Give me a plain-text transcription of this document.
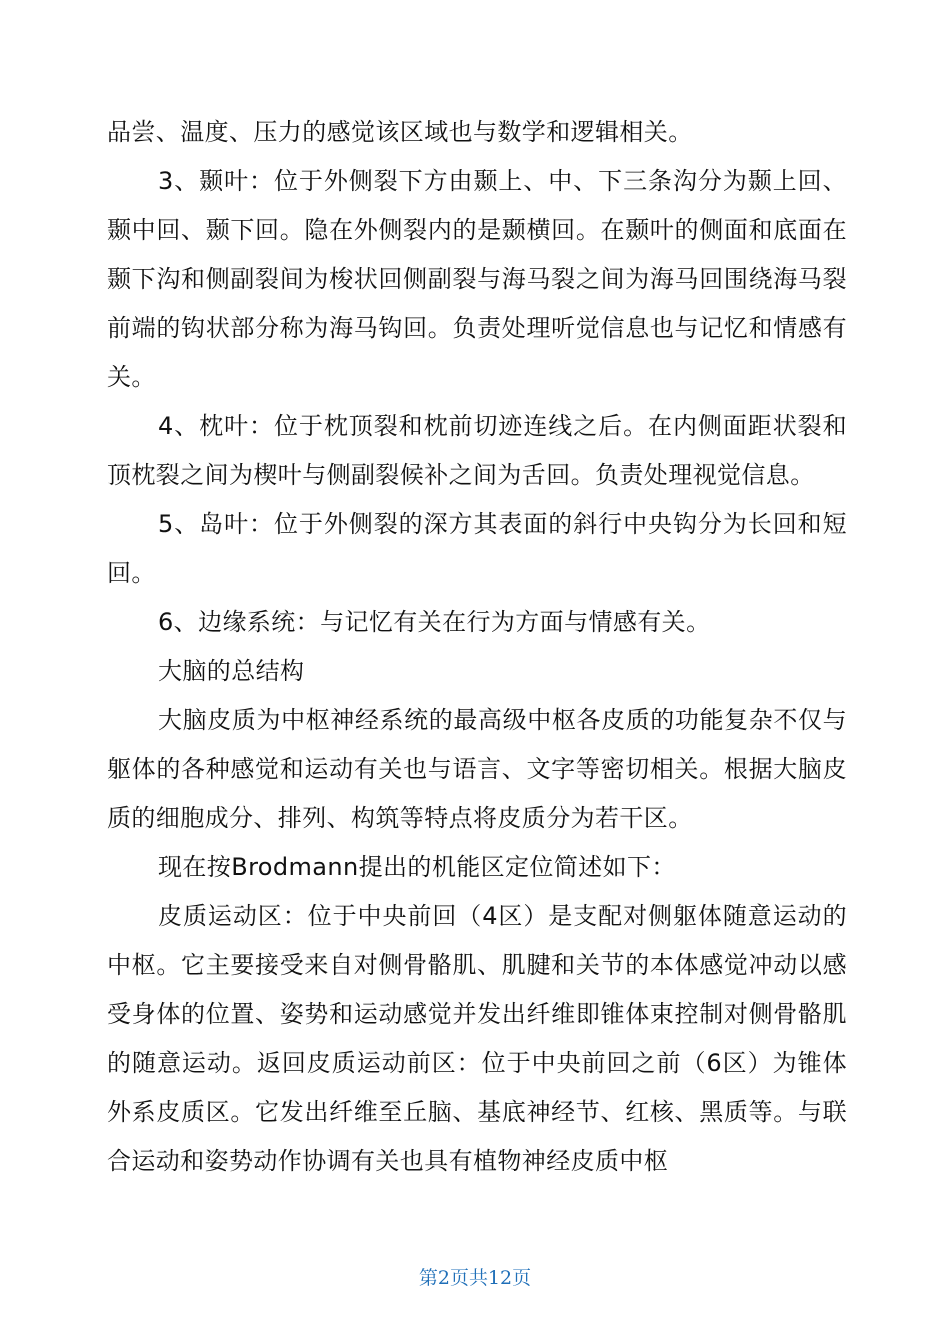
品尝、温度、压力的感觉该区域也与数学和逻辑相关。

3、颞叶：位于外侧裂下方由颞上、中、下三条沟分为颞上回、颞中回、颞下回。隐在外侧裂内的是颞横回。在颞叶的侧面和底面在颞下沟和侧副裂间为梭状回侧副裂与海马裂之间为海马回围绕海马裂前端的钩状部分称为海马钩回。负责处理听觉信息也与记忆和情感有关。

4、枕叶：位于枕顶裂和枕前切迹连线之后。在内侧面距状裂和顶枕裂之间为楔叶与侧副裂候补之间为舌回。负责处理视觉信息。

5、岛叶：位于外侧裂的深方其表面的斜行中央钩分为长回和短回。

6、边缘系统：与记忆有关在行为方面与情感有关。

大脑的总结构

大脑皮质为中枢神经系统的最高级中枢各皮质的功能复杂不仅与躯体的各种感觉和运动有关也与语言、文字等密切相关。根据大脑皮质的细胞成分、排列、构筑等特点将皮质分为若干区。

现在按Brodmann提出的机能区定位简述如下：

皮质运动区：位于中央前回（4区）是支配对侧躯体随意运动的中枢。它主要接受来自对侧骨骼肌、肌腱和关节的本体感觉冲动以感受身体的位置、姿势和运动感觉并发出纤维即锥体束控制对侧骨骼肌的随意运动。返回皮质运动前区：位于中央前回之前（6区）为锥体外系皮质区。它发出纤维至丘脑、基底神经节、红核、黑质等。与联合运动和姿势动作协调有关也具有植物神经皮质中枢

第2页共12页
